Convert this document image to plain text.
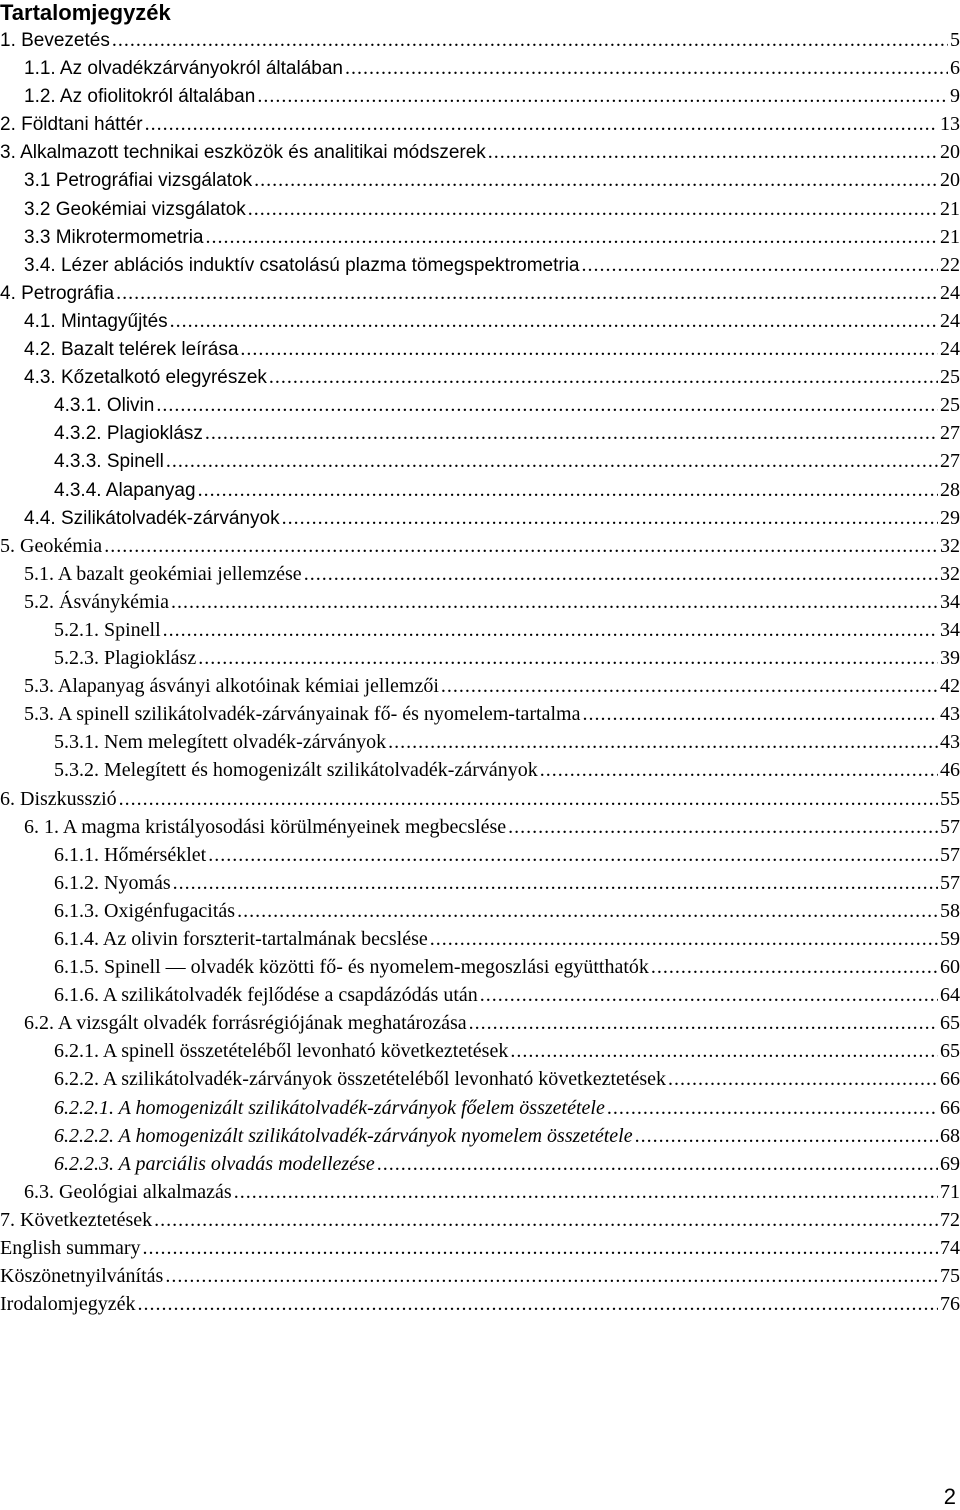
Tartalomjegyzék
1. Bevezetés .....	5
1.1. Az olvadékzárványokról általában .....	6
1.2. Az ofiolitokról általában .....	9
2. Földtani háttér .....	13
3. Alkalmazott technikai eszközök és analitikai módszerek .....	20
3.1 Petrográfiai vizsgálatok .....	20
3.2 Geokémiai vizsgálatok .....	21
3.3 Mikrotermometria .....	21
3.4. Lézer ablációs induktív csatolású plazma tömegspektrometria .....	22
4. Petrográfia .....	24
4.1. Mintagyűjtés .....	24
4.2. Bazalt telérek leírása .....	24
4.3. Kőzetalkotó elegyrészek .....	25
4.3.1. Olivin .....	25
4.3.2. Plagioklász .....	27
4.3.3. Spinell .....	27
4.3.4. Alapanyag .....	28
4.4. Szilikátolvadék-zárványok .....	29
5. Geokémia .....	32
5.1. A bazalt geokémiai jellemzése .....	32
5.2. Ásványkémia .....	34
5.2.1. Spinell .....	34
5.2.3. Plagioklász .....	39
5.3. Alapanyag ásványi alkotóinak kémiai jellemzői .....	42
5.3. A spinell szilikátolvadék-zárványainak fő- és nyomelem-tartalma .....	43
5.3.1. Nem melegített olvadék-zárványok .....	43
5.3.2. Melegített és homogenizált szilikátolvadék-zárványok .....	46
6. Diszkusszió .....	55
6. 1. A magma kristályosodási körülményeinek megbecslése .....	57
6.1.1. Hőmérséklet .....	57
6.1.2. Nyomás .....	57
6.1.3. Oxigénfugacitás .....	58
6.1.4. Az olivin forszterit-tartalmának becslése .....	59
6.1.5. Spinell — olvadék közötti fő- és nyomelem-megoszlási együtthatók .....	60
6.1.6. A szilikátolvadék fejlődése a csapdázódás után .....	64
6.2. A vizsgált olvadék forrásrégiójának meghatározása .....	65
6.2.1. A spinell összetételéből levonható következtetések .....	65
6.2.2. A szilikátolvadék-zárványok összetételéből levonható következtetések .....	66
6.2.2.1. A homogenizált szilikátolvadék-zárványok főelem összetétele .....	66
6.2.2.2. A homogenizált szilikátolvadék-zárványok nyomelem összetétele .....	68
6.2.2.3. A parciális olvadás modellezése .....	69
6.3. Geológiai alkalmazás .....	71
7. Következtetések .....	72
English summary .....	74
Köszönetnyilvánítás .....	75
Irodalomjegyzék .....	76
2
